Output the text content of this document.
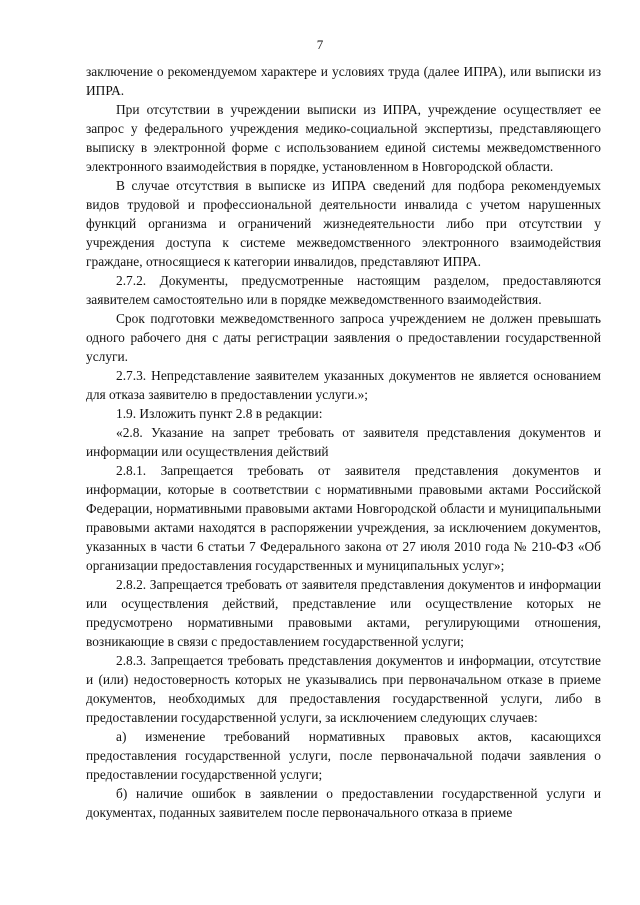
7

заключение о рекомендуемом характере и условиях труда (далее ИПРА), или выписки из ИПРА.

При отсутствии в учреждении выписки из ИПРА, учреждение осуществляет ее запрос у федерального учреждения медико-социальной экспертизы, представляющего выписку в электронной форме с использованием единой системы межведомственного электронного взаимодействия в порядке, установленном в Новгородской области.

В случае отсутствия в выписке из ИПРА сведений для подбора рекомендуемых видов трудовой и профессиональной деятельности инвалида с учетом нарушенных функций организма и ограничений жизнедеятельности либо при отсутствии у учреждения доступа к системе межведомственного электронного взаимодействия граждане, относящиеся к категории инвалидов, представляют ИПРА.

2.7.2. Документы, предусмотренные настоящим разделом, предоставляются заявителем самостоятельно или в порядке межведомственного взаимодействия.

Срок подготовки межведомственного запроса учреждением не должен превышать одного рабочего дня с даты регистрации заявления о предоставлении государственной услуги.

2.7.3. Непредставление заявителем указанных документов не является основанием для отказа заявителю в предоставлении услуги.»;

1.9. Изложить пункт 2.8 в редакции:

«2.8. Указание на запрет требовать от заявителя представления документов и информации или осуществления действий

2.8.1. Запрещается требовать от заявителя представления документов и информации, которые в соответствии с нормативными правовыми актами Российской Федерации, нормативными правовыми актами Новгородской области и муниципальными правовыми актами находятся в распоряжении учреждения, за исключением документов, указанных в части 6 статьи 7 Федерального закона от 27 июля 2010 года № 210-ФЗ «Об организации предоставления государственных и муниципальных услуг»;

2.8.2. Запрещается требовать от заявителя представления документов и информации или осуществления действий, представление или осуществление которых не предусмотрено нормативными правовыми актами, регулирующими отношения, возникающие в связи с предоставлением государственной услуги;

2.8.3. Запрещается требовать представления документов и информации, отсутствие и (или) недостоверность которых не указывались при первоначальном отказе в приеме документов, необходимых для предоставления государственной услуги, либо в предоставлении государственной услуги, за исключением следующих случаев:

а) изменение требований нормативных правовых актов, касающихся предоставления государственной услуги, после первоначальной подачи заявления о предоставлении государственной услуги;

б) наличие ошибок в заявлении о предоставлении государственной услуги и документах, поданных заявителем после первоначального отказа в приеме
